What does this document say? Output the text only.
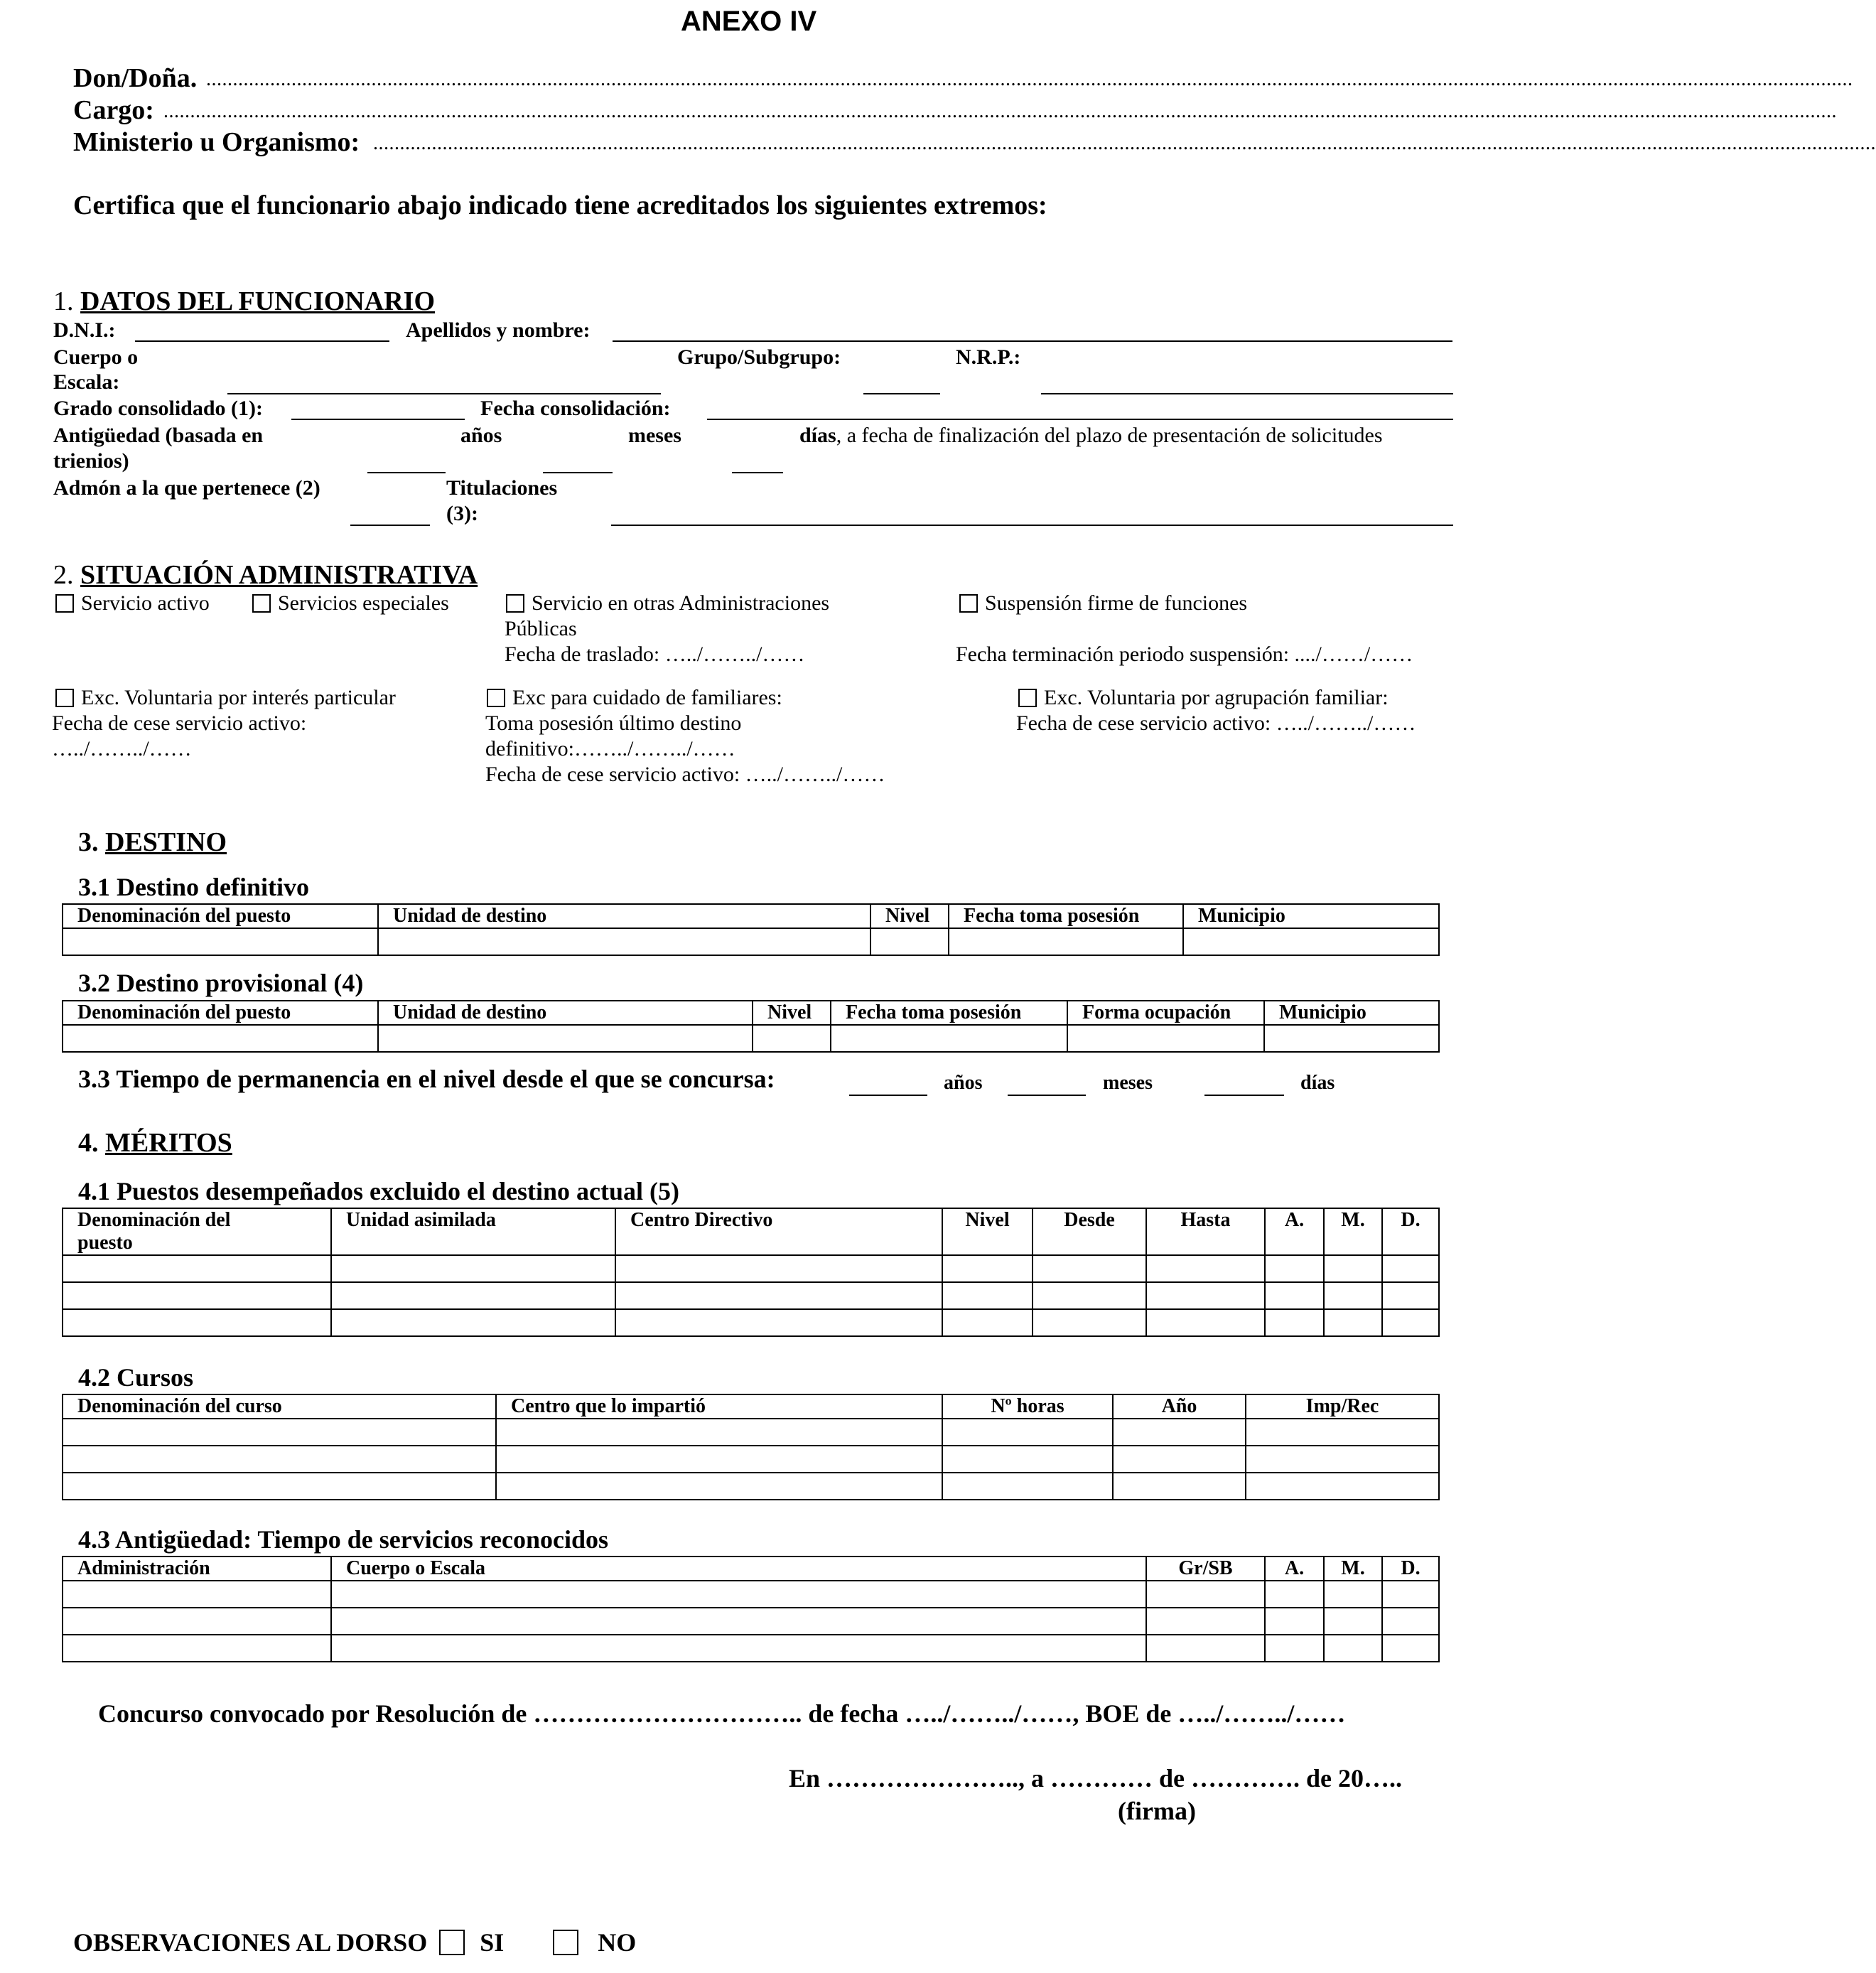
ANEXO IV
Don/Doña. .....................................................................................................................................................................................................................................................................................................................
Cargo: ..........................................................................................................................................................................................................................................................................................................................
Ministerio u Organismo: ..........................................................................................................................................................................................................................................................................................
Certifica que el funcionario abajo indicado tiene acreditados los siguientes extremos:
1. DATOS DEL FUNCIONARIO
D.N.I.:	Apellidos y nombre:
Cuerpo o	Grupo/Subgrupo:	N.R.P.:
Escala:
Grado consolidado (1):	Fecha consolidación:
Antigüedad (basada en	años	meses	días, a fecha de finalización del plazo de presentación de solicitudes
trienios)
Admón a la que pertenece (2)	Titulaciones
(3):
2. SITUACIÓN ADMINISTRATIVA
Servicio activo	Servicios especiales	Servicio en otras Administraciones
Públicas
Fecha de traslado: …../……../……
Suspensión firme de funciones
Fecha terminación periodo suspensión: ..../……/……
Exc. Voluntaria por interés particular
Fecha de cese servicio activo:
…../……../……
Exc para cuidado de familiares:
Toma posesión último destino
definitivo:……../……../……
Fecha de cese servicio activo: …../……../……
Exc. Voluntaria por agrupación familiar:
Fecha de cese servicio activo: …../……../……
3. DESTINO
3.1 Destino definitivo
Denominación del puesto	Unidad de destino	Nivel	Fecha toma posesión	Municipio

3.2 Destino provisional (4)
Denominación del puesto	Unidad de destino	Nivel	Fecha toma posesión	Forma ocupación	Municipio

3.3 Tiempo de permanencia en el nivel desde el que se concursa:	años	meses	días
4. MÉRITOS
4.1 Puestos desempeñados excluido el destino actual (5)
Denominación del puesto	Unidad asimilada	Centro Directivo	Nivel	Desde	Hasta	A.	M.	D.

4.2 Cursos
Denominación del curso	Centro que lo impartió	Nº horas	Año	Imp/Rec

4.3 Antigüedad: Tiempo de servicios reconocidos
Administración	Cuerpo o Escala	Gr/SB	A.	M.	D.

Concurso convocado por Resolución de ………………………….. de fecha …../……../……, BOE de …../……../……
En ………………….., a ………… de …………. de 20…..
(firma)
OBSERVACIONES AL DORSO SI	NO
